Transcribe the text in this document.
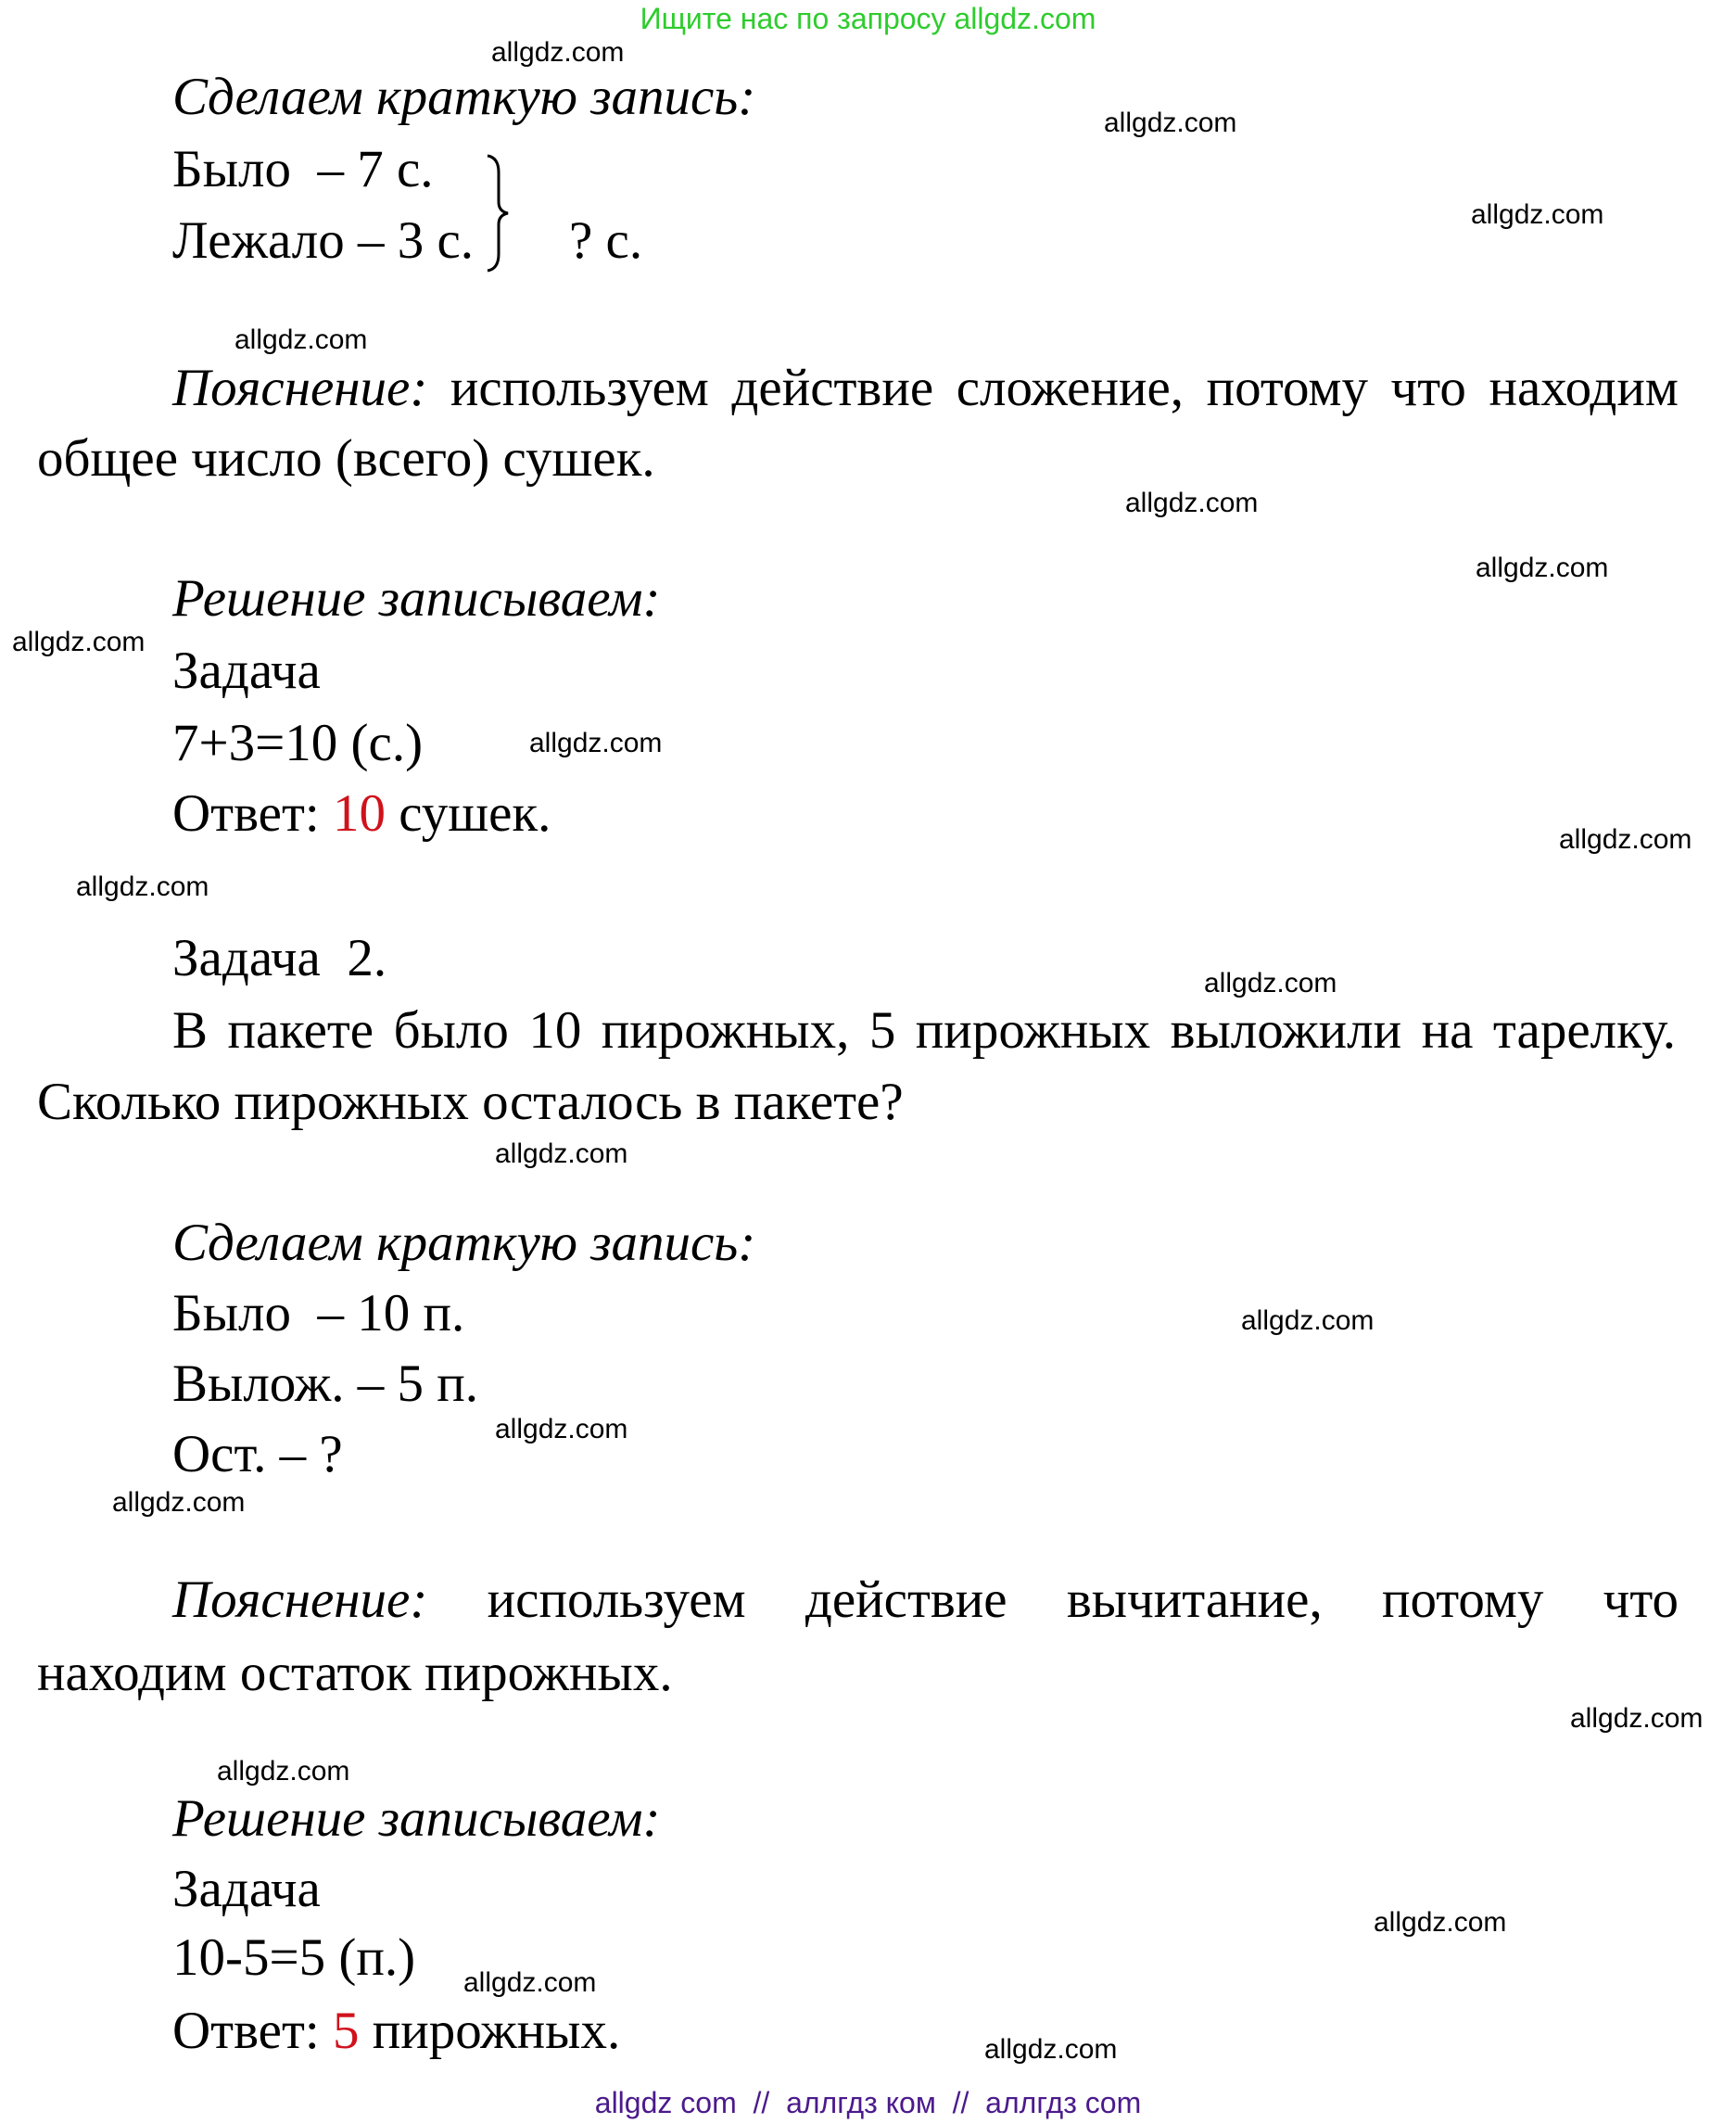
Ищите нас по запросу allgdz.com
Сделаем краткую запись:
Было  – 7 с.
Лежало – 3 с. ? с.
Пояснение: используем действие сложение, потому что находим
общее число (всего) сушек.
Решение записываем:
Задача
7+3=10 (с.)
Ответ: 10 сушек.
Задача  2.
В пакете было 10 пирожных, 5 пирожных выложили на тарелку.
Сколько пирожных осталось в пакете?
Сделаем краткую запись:
Было  – 10 п.
Вылож. – 5 п.
Ост. – ?
Пояснение: используем действие вычитание, потому что
находим остаток пирожных.
Решение записываем:
Задача
10-5=5 (п.)
Ответ: 5 пирожных.
allgdz.com
allgdz.com
allgdz.com
allgdz.com
allgdz.com
allgdz.com
allgdz.com
allgdz.com
allgdz.com
allgdz.com
allgdz.com
allgdz.com
allgdz.com
allgdz.com
allgdz.com
allgdz.com
allgdz.com
allgdz.com
allgdz.com
allgdz.com
allgdz com  //  аллгдз ком  //  аллгдз com
